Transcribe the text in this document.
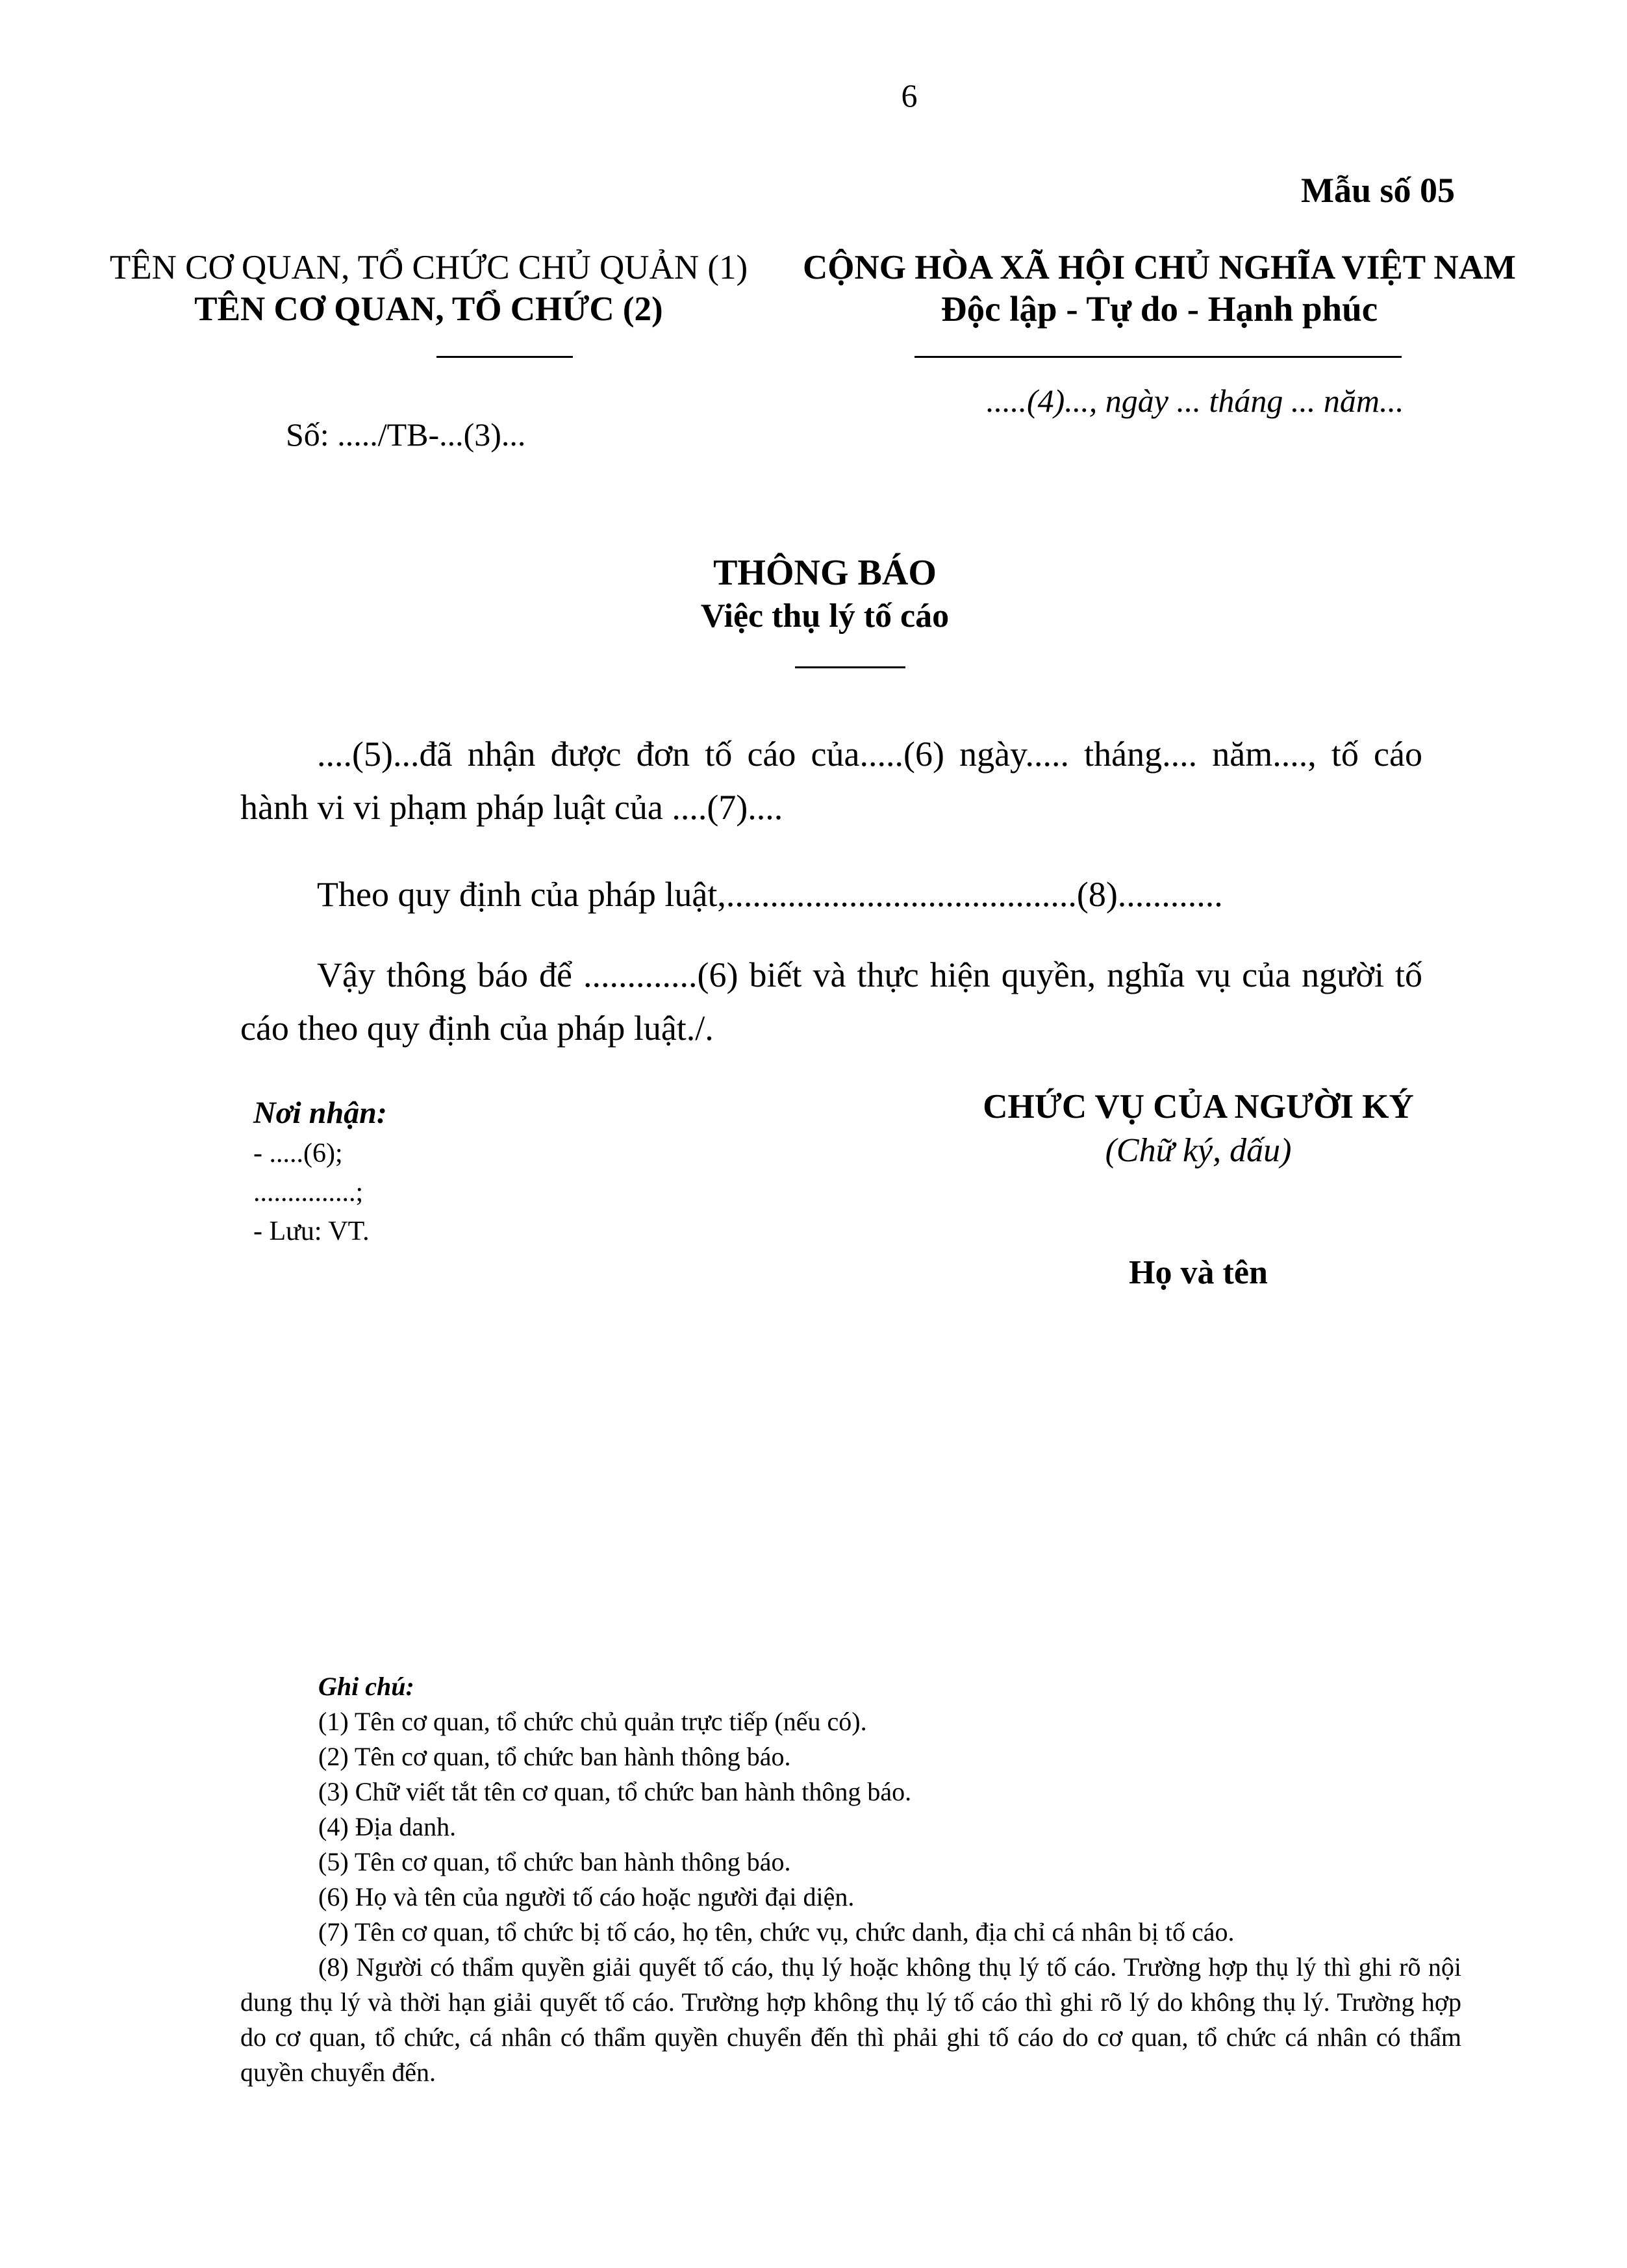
6
Mẫu số 05
TÊN CƠ QUAN, TỔ CHỨC CHỦ QUẢN (1)
TÊN CƠ QUAN, TỔ CHỨC (2)
CỘNG HÒA XÃ HỘI CHỦ NGHĨA VIỆT NAM
Độc lập - Tự do - Hạnh phúc
Số: ...../TB-...(3)...
.....(4)..., ngày ... tháng ... năm...
THÔNG BÁO
Việc thụ lý tố cáo
....(5)...đã nhận được đơn tố cáo của.....(6) ngày..... tháng.... năm...., tố cáo hành vi vi phạm pháp luật của ....(7)....
Theo quy định của pháp luật,........................................(8)............
Vậy thông báo để .............(6) biết và thực hiện quyền, nghĩa vụ của người tố cáo theo quy định của pháp luật./.
Nơi nhận:
- .....(6);
...............;
- Lưu: VT.
CHỨC VỤ CỦA NGƯỜI KÝ
(Chữ ký, dấu)
Họ và tên
Ghi chú:
(1) Tên cơ quan, tổ chức chủ quản trực tiếp (nếu có).
(2) Tên cơ quan, tổ chức ban hành thông báo.
(3) Chữ viết tắt tên cơ quan, tổ chức ban hành thông báo.
(4) Địa danh.
(5) Tên cơ quan, tổ chức ban hành thông báo.
(6) Họ và tên của người tố cáo hoặc người đại diện.
(7) Tên cơ quan, tổ chức bị tố cáo, họ tên, chức vụ, chức danh, địa chỉ cá nhân bị tố cáo.
(8) Người có thẩm quyền giải quyết tố cáo, thụ lý hoặc không thụ lý tố cáo. Trường hợp thụ lý thì ghi rõ nội dung thụ lý và thời hạn giải quyết tố cáo. Trường hợp không thụ lý tố cáo thì ghi rõ lý do không thụ lý. Trường hợp do cơ quan, tổ chức, cá nhân có thẩm quyền chuyển đến thì phải ghi tố cáo do cơ quan, tổ chức cá nhân có thẩm quyền chuyển đến.
